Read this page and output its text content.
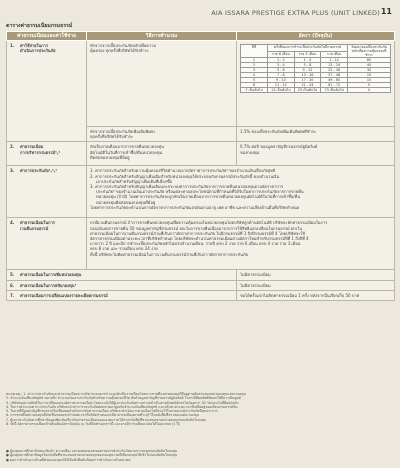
AIA ISSARA PRESTIGE EXTRA PLUS (UNIT LINKED) 11
ตารางค่าธรรมเนียมกรมธรรม์
ค่าธรรมเนียมและค่าใช้จ่าย	วิธีการคำนวณ	อัตรา (ปัจจุบัน)
1. ค่าใช้จ่ายในการ
ดำเนินการประกันภัย

หักจากจากเบี้ยประกันภัยหลักเพื่อความ
คุ้มครอง ทุกครั้งที่บริษัทได้รับชำระ

ปีที่	ครั้งที่ของการชำระเบี้ยประกันภัยในปีกรมธรรม์	ร้อยละของเบี้ยประกันภัยหลักเพื่อความคุ้มครองที่ชำระ
ราย 6 เดือน	ราย 3 เดือน	ราย เดือน
1	1 - 2	1 - 4	1 - 12	60
2	3 - 4	5 - 8	13 - 24	40
3	5 - 6	9 - 12	25 - 36	30
4	7 - 8	13 - 16	37 - 48	20
5	9 - 10	17 - 20	49 - 60	10
6	11 - 12	21 - 24	61 - 72	5
7 เป็นต้นไป	13 เป็นต้นไป	25 เป็นต้นไป	73 เป็นต้นไป	0

หักจากจากเบี้ยประกันภัยเพิ่มเติมพิเศษ
ทุกครั้งที่บริษัทได้รับชำระ
	1.5% ของเบี้ยประกันภัยเพิ่มเติมพิเศษที่ชำระ
2. ค่าธรรมเนียม
การบริหารกรมธรรม์¹,²

หักเป็นรายเดือนจากการขายคืนหน่วยลงทุน
อัตโนมัติในวันที่การเข้าซื้อ/คืนหน่วยลงทุน
ติดต่อของกองทุนที่มีอยู่

0.7% ต่อปี ของมูลค่าบัญชีกรมธรรม์ยูนิตลิงค์
ของกองทุน

3. ค่าการประกันภัย¹,²,³	1. ค่าการประกันภัยสำหรับความคุ้มครองชีวิตคำนวณจากอัตราค่าการประกันภัย³ ของจำนวนเงินเสี่ยงภัยสุทธิ
2. ค่าการประกันภัยสำหรับสัญญาเพิ่มเติมสำหรับหน่วยลงทุนให้ประกอบกับกรมธรรม์ประกันภัยนี้ ของจำนวนเงิน
เอาประกันภัยสำหรับสัญญาเพิ่มเติมที่เลือกซื้อ
3. ค่าการประกันภัยสำหรับสัญญาเพิ่มเติมและกระบบค่าการประกันภัยจากการขายคืนหน่วยลงทุนตามอัตราค่าการ
ประกันภัย³ ของจำนวนเงินเอาประกันภัย หรือแต่ละค่าผลประโยชน์ตามที่กำหนดที่ได้รับในค่าการประกันภัยจากการขายคืน
หน่วยลงทุน (ถ้ามี) โดยค่าการประกันภัยจะถูกหักเป็นรายเดือนจากการขายคืนหน่วยลงทุนอัตโนมัติในวันที่การเข้าซื้อ/คืน
หน่วยลงทุนติดต่อของกองทุนที่มีอยู่
โดยค่าการประกันภัยจะคำนวณจากอัตราค่าการประกันภัยแปรผันตามอายุ เพศ อาชีพ และความเสี่ยงด้านอื่นที่บริษัทกำหนด

4. ค่าธรรมเนียมในการ
เวนคืนกรมธรรม์

กรณีเวนคืนกรมธรรม์ ถ้าการขายคืนหน่วยลงทุนเพื่อความคุ้มครองในหน่วยลงทุนโดยบริษัทลูกค้านอัตโนมัติ บริษัทจะหักค่าธรรมเนียมในการ
ถอนเงินลดการขายคืน 50 ของมูลค่าบัญชีกรมธรรม์ ยกเว้นการขายคืนเนื่องมาจากการใช้สิทธิแลกเปลี่ยนในกรมธรรม์ ยกเว้น
ค่าธรรมเนียมในการเวนคืนกรมธรรม์ส่วนที่เกินกว่าอัตราค่าการประกันภัย ในปีกรมธรรม์ที่ 1 ถึงปีกรมธรรม์ที่ 4 โดยบริษัทจะใช้
อัตราค่าธรรมเนียมตามระยะเวลาที่บริษัทกำหนด โดยบริษัทจะคำนวณค่าธรรมเนียมตามอัตราใหม่สำหรับกรมธรรม์ปีที่ 1 ถึงปีที่ 4
มากกว่า 2 ปี และมีการชำระเบี้ยประกันภัยหลักไม่ครบจำนวนเดือน: รายปี ครบ 2 งวด ราย 6 เดือน ครบ 4 งวด ราย 3 เดือน
ครบ 8 งวด และ รายเดือน ครบ 24 งวด
ทั้งนี้ บริษัทจะไม่คิดค่าธรรมเนียมในการเวนคืนกรมธรรม์ส่วนที่เกินกว่าอัตราค่าการประกันภัย

5. ค่าธรรมเนียมในการเพิ่มหน่วยลงทุน	ไม่มีค่าธรรมเนียม
6. ค่าธรรมเนียมในการสลับกองทุน³	ไม่มีค่าธรรมเนียม
7. ค่าธรรมเนียมการเปลี่ยนแปลงรายละเอียดกรมธรรม์	ขอได้ครั้งแรกไม่คิดค่าธรรมเนียม 1 ครั้ง หลังจากนั้นเรียกเก็บ 50 บาท
หมายเหตุ : 1. ค่าการประกันภัยและค่าธรรมเนียมการบริหารกรมธรรม์ จะถูกหักเป็นรายเดือนโดยการขายคืนหน่วยลงทุนที่มีอยู่ตามสัดส่วนของหน่วยลงทุนแต่ละกองทุน
2. จำนวนเงินเสี่ยงภัยสุทธิ หมายถึง จำนวนเงินเอาประกันภัยสำหรับความคุ้มครองชีวิต หักด้วยมูลค่าบัญชีกรมธรรม์ยูนิตลิงค์ ในกรณีที่ผลลัพธ์ติดลบให้ถือว่าเป็นศูนย์
3. บริษัทขอสงวนสิทธิ์ในการเปลี่ยนแปลงอัตราค่าธรรมเนียม โดยจะแจ้งให้ผู้เอาประกันภัยทราบล่วงหน้าเป็นลายลักษณ์อักษรไม่น้อยกว่า 30 วันก่อนวันที่มีผลบังคับ
4. ในการคำนวณค่าการประกันภัย บริษัทจะนำค่าการประกันภัยต่อหน่วยมาคูณกับจำนวนเงินเสี่ยงภัยสุทธิ และปรับตามระยะเวลาที่เหลืออยู่ของเดือนกรมธรรม์นั้น
5. ในกรณีที่มูลค่าบัญชีกรมธรรม์ไม่เพียงพอสำหรับการหักค่าธรรมเนียม บริษัทจะดำเนินการตามเงื่อนไขที่ระบุไว้ในกรมธรรม์ประกันภัยนี้ทุกประการ
6. การขายคืนหน่วยลงทุนที่เกิดขึ้นก่อนครบกำหนดเวลาที่บริษัทกำหนดจะมีค่าธรรมเนียมตามที่ระบุไว้ในหนังสือชี้ชวนของแต่ละกองทุน
7. ผู้เอาประกันภัยควรศึกษาข้อมูลเพิ่มเติมเกี่ยวกับค่าธรรมเนียมของกองทุนรวมได้จากหนังสือชี้ชวนเสนอขายหน่วยลงทุนก่อนตัดสินใจลงทุน
8. ทั้งนี้ อัตราค่าธรรมเนียมข้างต้นเป็นอัตราปัจจุบัน ณ วันที่จัดทำเอกสารนี้ และอาจมีการเปลี่ยนแปลงได้ในอนาคต (1 ปี)
● ผู้ลงทุนควรศึกษาลักษณะสินค้า ความเสี่ยง และผลตอบแทนของกรมธรรม์ประกันภัยควบการลงทุนก่อนตัดสินใจลงทุน
● ผู้ลงทุนควรศึกษาข้อมูลในหนังสือชี้ชวนเสนอขายหน่วยลงทุนของกองทุนรวมที่เลือกลงทุนให้เข้าใจก่อนตัดสินใจลงทุน
● ผลการดำเนินงานในอดีตของกองทุนมิได้เป็นสิ่งยืนยันถึงผลการดำเนินงานในอนาคต
